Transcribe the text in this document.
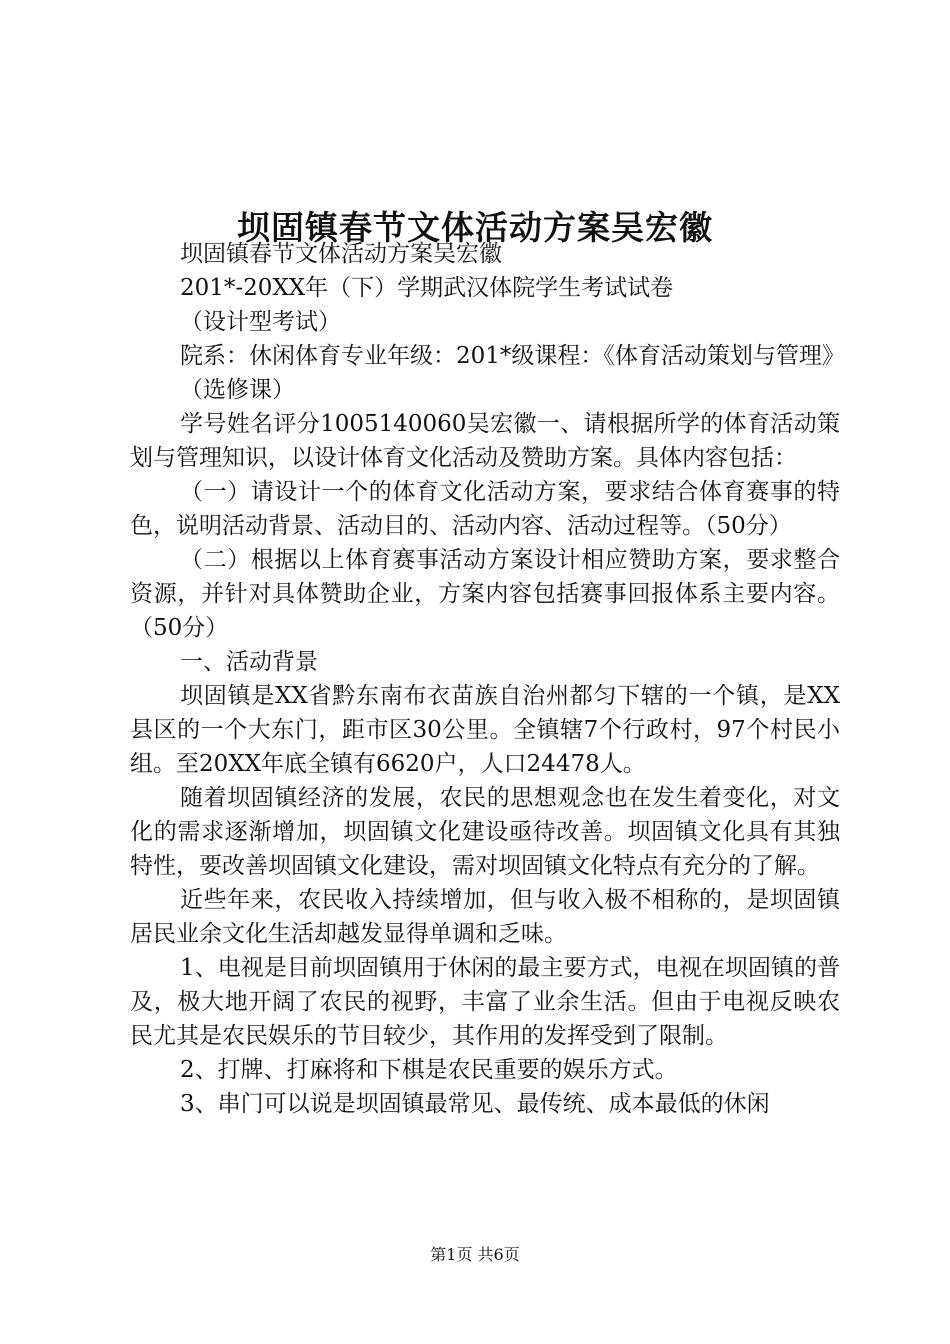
坝固镇春节文体活动方案吴宏徽

坝固镇春节文体活动方案吴宏徽

201*-20XX年（下）学期武汉体院学生考试试卷

（设计型考试）

院系：休闲体育专业年级：201*级课程：《体育活动策划与管理》

（选修课）

学号姓名评分1005140060吴宏徽一、请根据所学的体育活动策划与管理知识，以设计体育文化活动及赞助方案。具体内容包括：

（一）请设计一个的体育文化活动方案，要求结合体育赛事的特色，说明活动背景、活动目的、活动内容、活动过程等。（50分）

（二）根据以上体育赛事活动方案设计相应赞助方案，要求整合资源，并针对具体赞助企业，方案内容包括赛事回报体系主要内容。（50分）

一、活动背景

坝固镇是XX省黔东南布衣苗族自治州都匀下辖的一个镇，是XX县区的一个大东门，距市区30公里。全镇辖7个行政村，97个村民小组。至20XX年底全镇有6620户，人口24478人。

随着坝固镇经济的发展，农民的思想观念也在发生着变化，对文化的需求逐渐增加，坝固镇文化建设亟待改善。坝固镇文化具有其独特性，要改善坝固镇文化建设，需对坝固镇文化特点有充分的了解。

近些年来，农民收入持续增加，但与收入极不相称的，是坝固镇居民业余文化生活却越发显得单调和乏味。

1、电视是目前坝固镇用于休闲的最主要方式，电视在坝固镇的普及，极大地开阔了农民的视野，丰富了业余生活。但由于电视反映农民尤其是农民娱乐的节目较少，其作用的发挥受到了限制。

2、打牌、打麻将和下棋是农民重要的娱乐方式。

3、串门可以说是坝固镇最常见、最传统、成本最低的休闲

第1页 共6页
